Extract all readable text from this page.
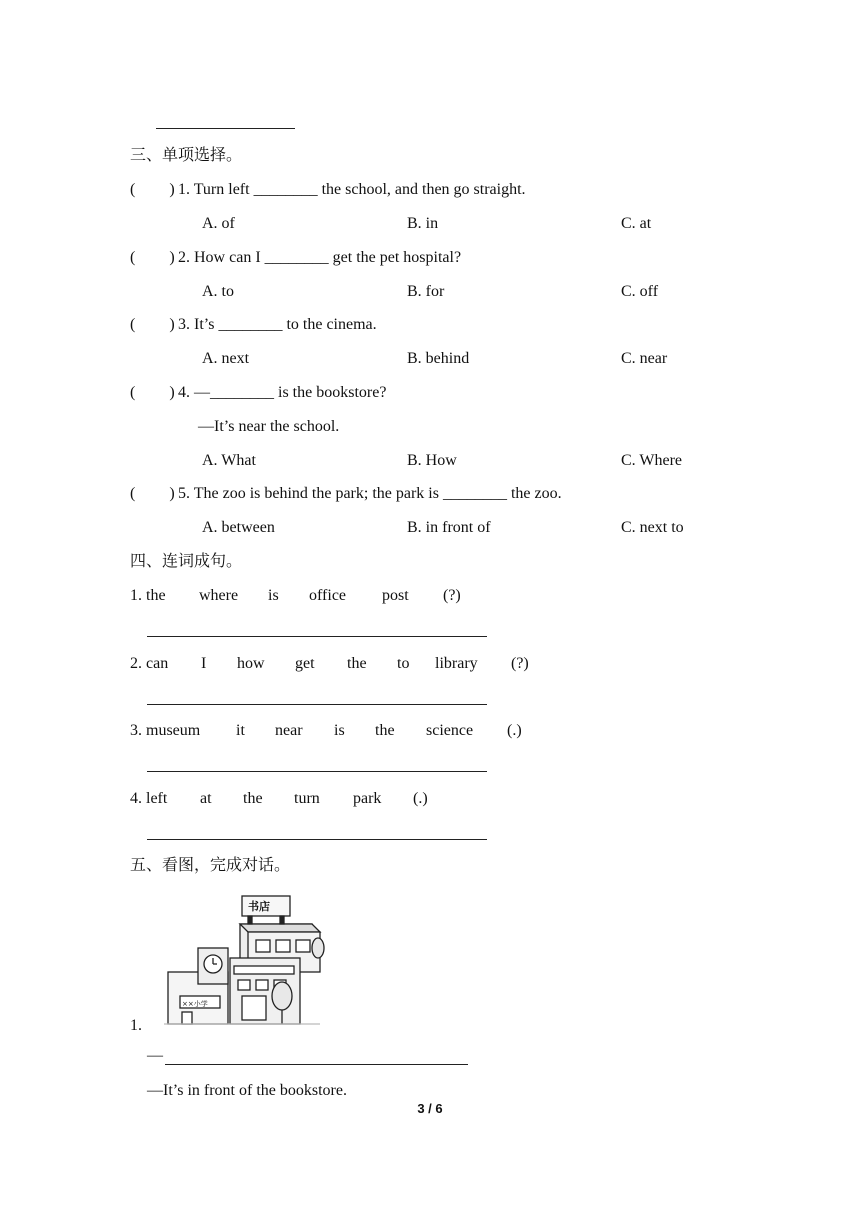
三、单项选择。
( ) 1. Turn left ________ the school, and then go straight.
A. of	B. in	C. at
( ) 2. How can I ________ get the pet hospital?
A. to	B. for	C. off
( ) 3. It’s ________ to the cinema.
A. next	B. behind	C. near
( ) 4. —________ is the bookstore?
—It’s near the school.
A. What	B. How	C. Where
( ) 5. The zoo is behind the park; the park is ________ the zoo.
A. between	B. in front of	C. next to
四、连词成句。
1. the where is office post (?)
2. can I how get the to library (?)
3. museum it near is the science (.)
4. left at the turn park (.)
五、看图，完成对话。
书店
××小学
1.
—
—It’s in front of the bookstore.
3 / 6
